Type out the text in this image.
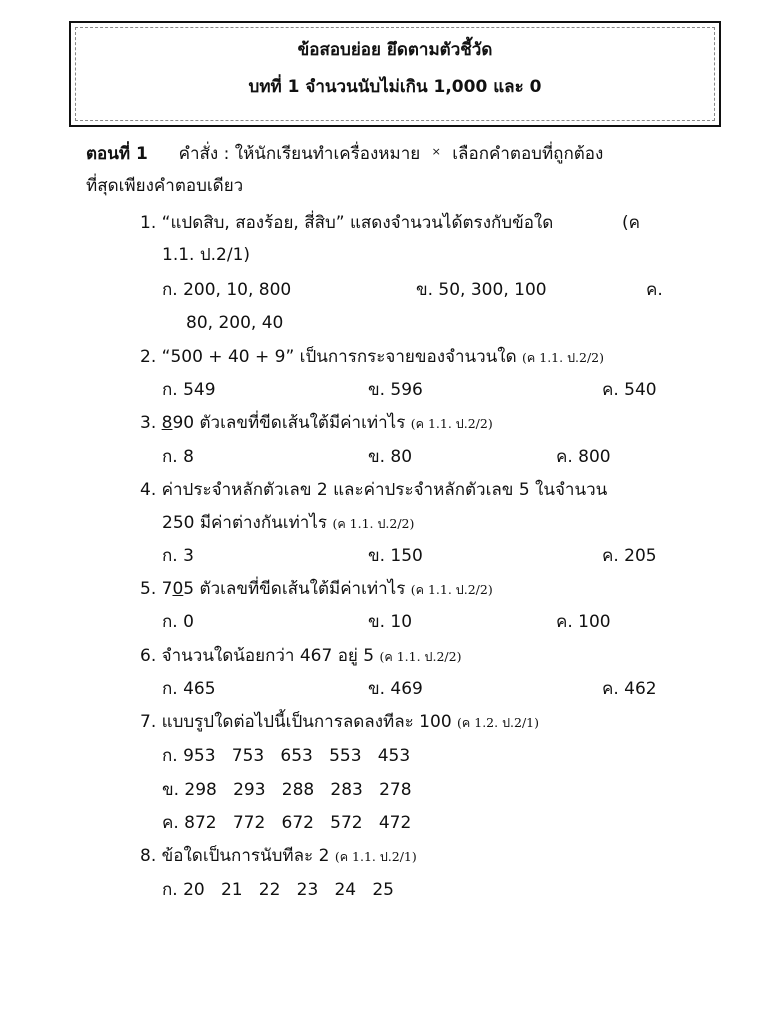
ข้อสอบย่อย ยึดตามตัวชี้วัด
บทที่ 1 จำนวนนับไม่เกิน 1,000 และ 0
ตอนที่ 1 คำสั่ง : ให้นักเรียนทำเครื่องหมาย × เลือกคำตอบที่ถูกต้อง
ที่สุดเพียงคำตอบเดียว
1. “แปดสิบ, สองร้อย, สี่สิบ” แสดงจำนวนได้ตรงกับข้อใด	(ค
1.1. ป.2/1)
ก. 200, 10, 800	ข. 50, 300, 100	ค.
80, 200, 40
2. “500 + 40 + 9” เป็นการกระจายของจำนวนใด (ค 1.1. ป.2/2)
ก. 549	ข. 596	ค. 540
3. 890 ตัวเลขที่ขีดเส้นใต้มีค่าเท่าไร (ค 1.1. ป.2/2)
ก. 8	ข. 80	ค. 800
4. ค่าประจำหลักตัวเลข 2 และค่าประจำหลักตัวเลข 5 ในจำนวน
250 มีค่าต่างกันเท่าไร (ค 1.1. ป.2/2)
ก. 3	ข. 150	ค. 205
5. 705 ตัวเลขที่ขีดเส้นใต้มีค่าเท่าไร (ค 1.1. ป.2/2)
ก. 0	ข. 10	ค. 100
6. จำนวนใดน้อยกว่า 467 อยู่ 5 (ค 1.1. ป.2/2)
ก. 465	ข. 469	ค. 462
7. แบบรูปใดต่อไปนี้เป็นการลดลงทีละ 100 (ค 1.2. ป.2/1)
ก. 953   753   653   553   453
ข. 298   293   288   283   278
ค. 872   772   672   572   472
8. ข้อใดเป็นการนับทีละ 2 (ค 1.1. ป.2/1)
ก. 20   21   22   23   24   25
